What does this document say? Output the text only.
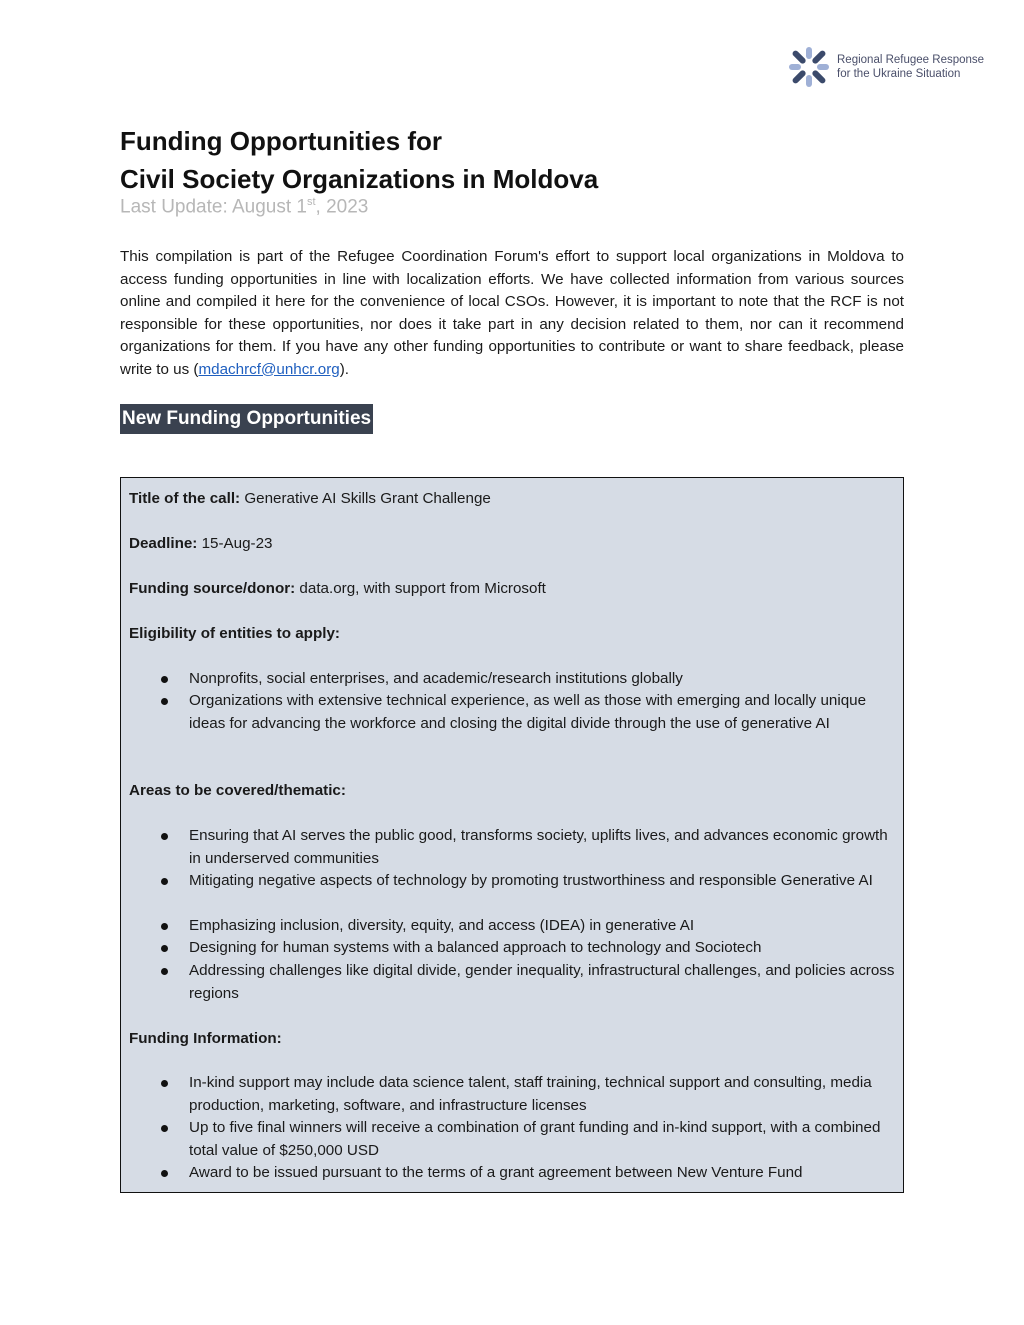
Regional Refugee Response
for the Ukraine Situation
Funding Opportunities for
Civil Society Organizations in Moldova
Last Update: August 1st, 2023
This compilation is part of the Refugee Coordination Forum's effort to support local organizations in Moldova to access funding opportunities in line with localization efforts. We have collected information from various sources online and compiled it here for the convenience of local CSOs. However, it is important to note that the RCF is not responsible for these opportunities, nor does it take part in any decision related to them, nor can it recommend organizations for them. If you have any other funding opportunities to contribute or want to share feedback, please write to us (mdachrcf@unhcr.org).
New Funding Opportunities
Title of the call: Generative AI Skills Grant Challenge
Deadline: 15-Aug-23
Funding source/donor: data.org, with support from Microsoft
Eligibility of entities to apply:
Nonprofits, social enterprises, and academic/research institutions globally
Organizations with extensive technical experience, as well as those with emerging and locally unique ideas for advancing the workforce and closing the digital divide through the use of generative AI
Areas to be covered/thematic:
Ensuring that AI serves the public good, transforms society, uplifts lives, and advances economic growth in underserved communities
Mitigating negative aspects of technology by promoting trustworthiness and responsible Generative AI
Emphasizing inclusion, diversity, equity, and access (IDEA) in generative AI
Designing for human systems with a balanced approach to technology and Sociotech
Addressing challenges like digital divide, gender inequality, infrastructural challenges, and policies across regions
Funding Information:
In-kind support may include data science talent, staff training, technical support and consulting, media production, marketing, software, and infrastructure licenses
Up to five final winners will receive a combination of grant funding and in-kind support, with a combined total value of $250,000 USD
Award to be issued pursuant to the terms of a grant agreement between New Venture Fund
